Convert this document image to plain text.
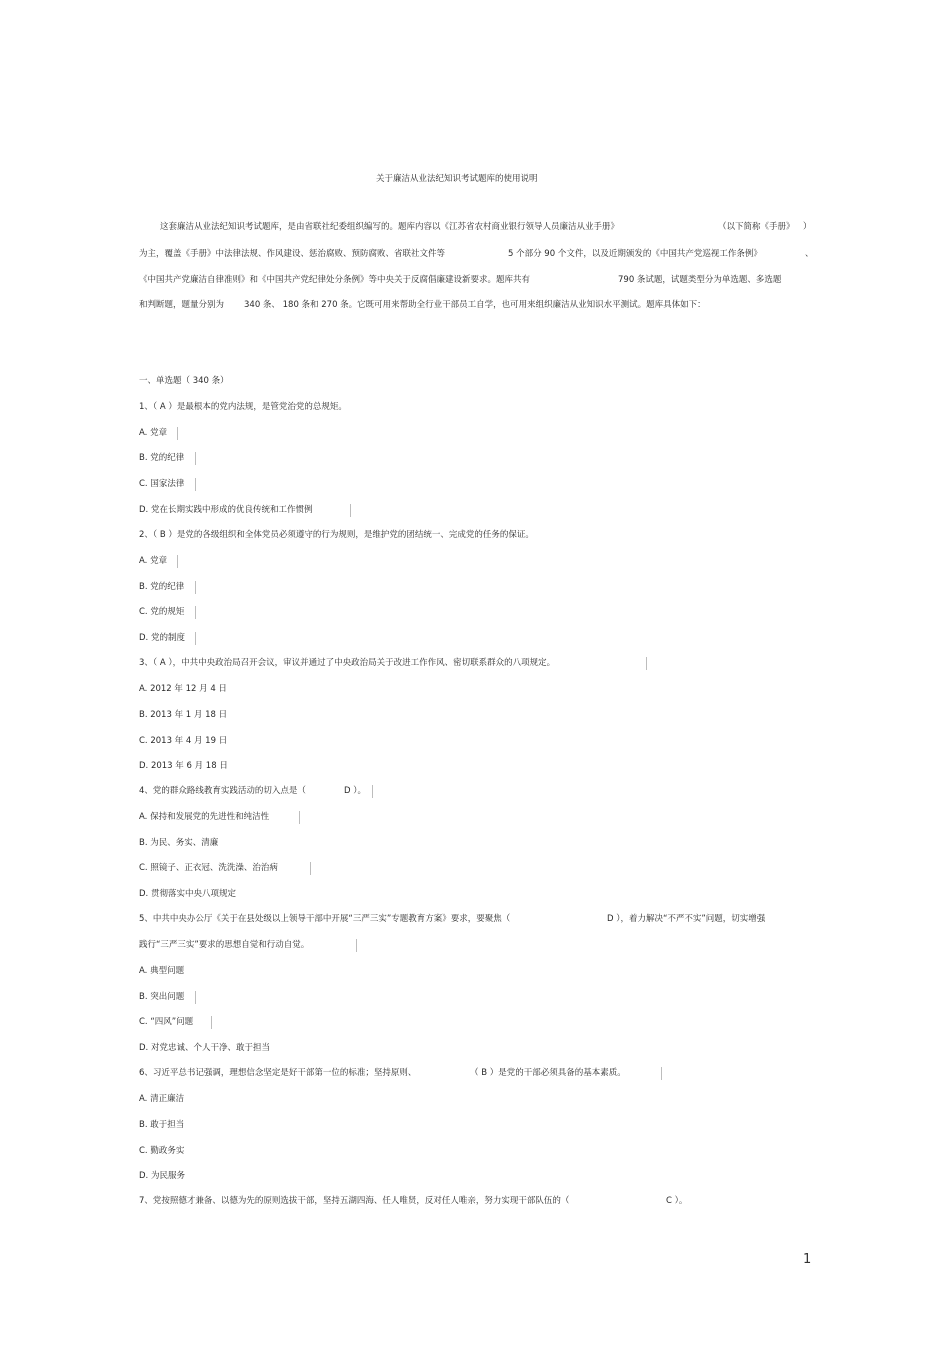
关于廉洁从业法纪知识考试题库的使用说明
这套廉洁从业法纪知识考试题库，是由省联社纪委组织编写的。题库内容以《江苏省农村商业银行领导人员廉洁从业手册》	（以下简称《手册》 ）
为主，覆盖《手册》中法律法规、作风建设、惩治腐败、预防腐败、省联社文件等	5 个部分 90 个文件，以及近期颁发的《中国共产党巡视工作条例》	、
《中国共产党廉洁自律准则》和《中国共产党纪律处分条例》等中央关于反腐倡廉建设新要求。题库共有	790 条试题，试题类型分为单选题、多选题
和判断题，题量分别为 340 条、 180 条和 270 条。它既可用来帮助全行业干部员工自学，也可用来组织廉洁从业知识水平测试。题库具体如下：
一、单选题（ 340 条）
1、（ A ）是最根本的党内法规，是管党治党的总规矩。
A. 党章
B. 党的纪律
C. 国家法律
D. 党在长期实践中形成的优良传统和工作惯例
2、（ B ）是党的各级组织和全体党员必须遵守的行为规则，是维护党的团结统一、完成党的任务的保证。
A. 党章
B. 党的纪律
C. 党的规矩
D. 党的制度
3、（ A ），中共中央政治局召开会议，审议并通过了中央政治局关于改进工作作风、密切联系群众的八项规定。
A. 2012 年 12 月 4 日
B. 2013 年 1 月 18 日
C. 2013 年 4 月 19 日
D. 2013 年 6 月 18 日
4、党的群众路线教育实践活动的切入点是（	D ）。
A. 保持和发展党的先进性和纯洁性
B. 为民、务实、清廉
C. 照镜子、正衣冠、洗洗澡、治治病
D. 贯彻落实中央八项规定
5、中共中央办公厅《关于在县处级以上领导干部中开展“三严三实”专题教育方案》要求，要聚焦（	D ），着力解决“不严不实”问题，切实增强
践行“三严三实”要求的思想自觉和行动自觉。
A. 典型问题
B. 突出问题
C. “四风”问题
D. 对党忠诚、个人干净、敢于担当
6、习近平总书记强调，理想信念坚定是好干部第一位的标准；坚持原则、	（ B ）是党的干部必须具备的基本素质。
A. 清正廉洁
B. 敢于担当
C. 勤政务实
D. 为民服务
7、党按照德才兼备、以德为先的原则选拔干部，坚持五湖四海、任人唯贤，反对任人唯亲，努力实现干部队伍的（	C ）。
1
